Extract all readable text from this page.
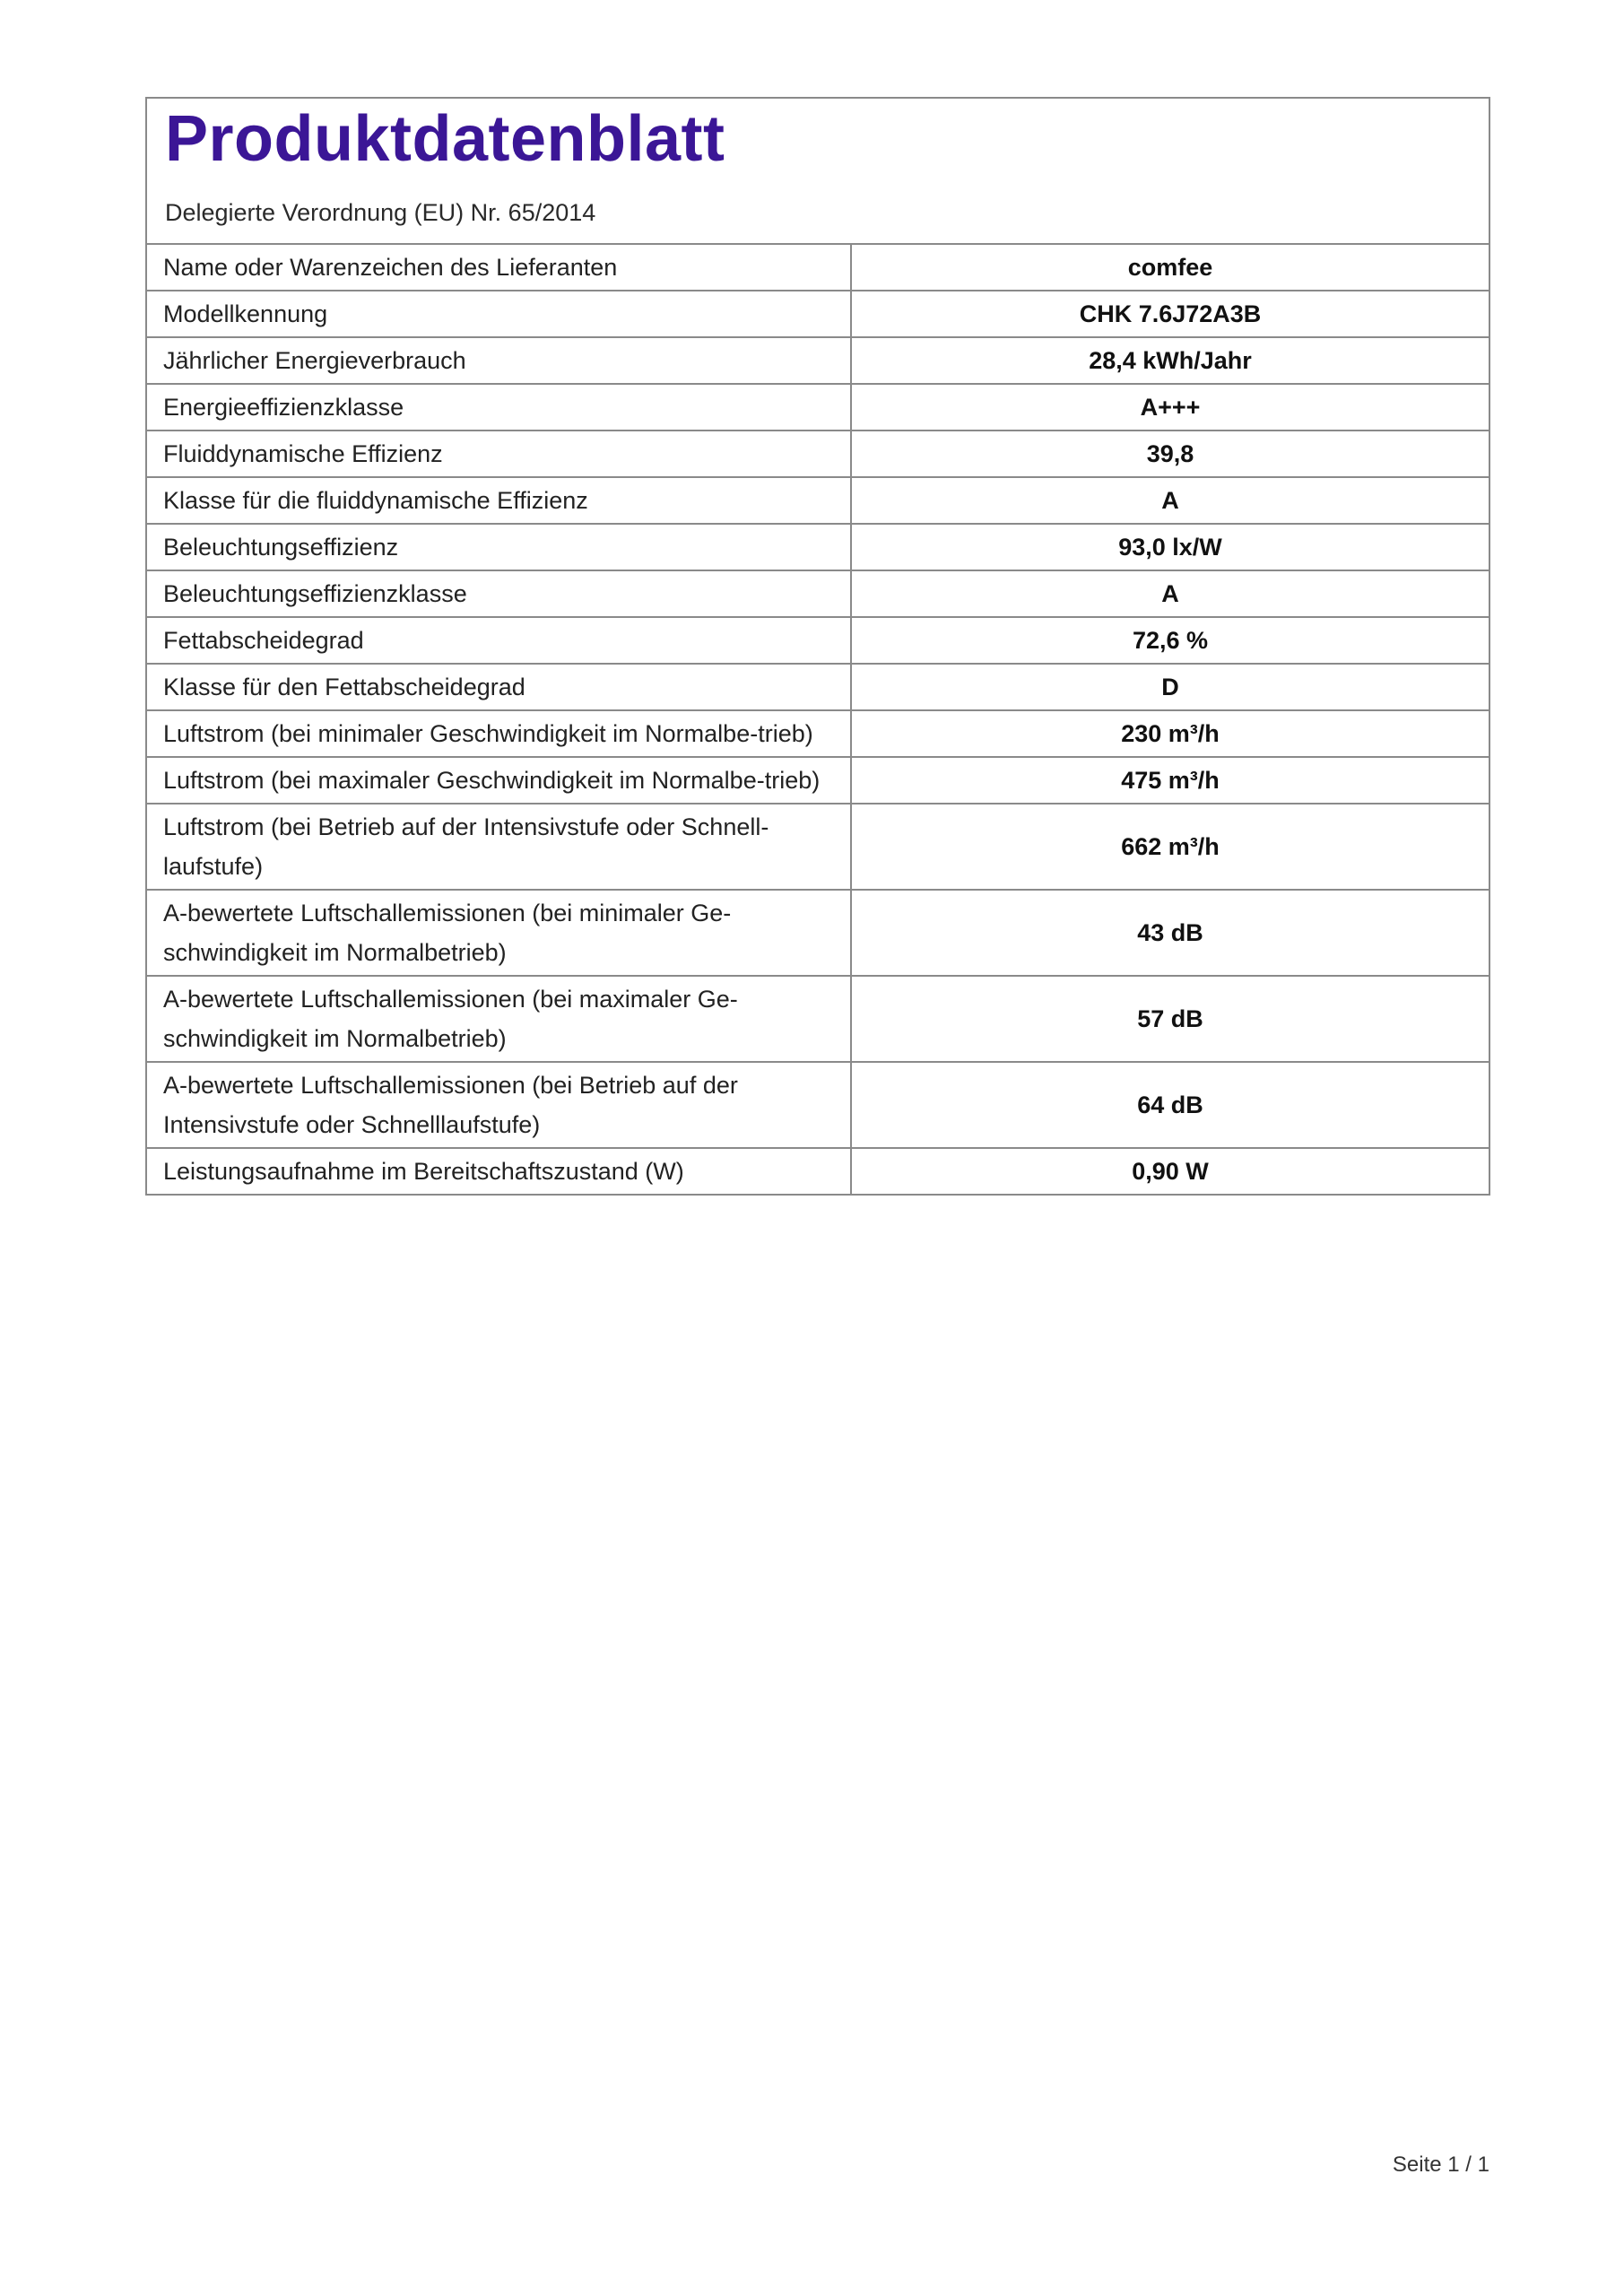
Produktdatenblatt
Delegierte Verordnung (EU) Nr. 65/2014
Name oder Warenzeichen des Lieferanten	comfee
Modellkennung	CHK 7.6J72A3B
Jährlicher Energieverbrauch	28,4 kWh/Jahr
Energieeffizienzklasse	A+++
Fluiddynamische Effizienz	39,8
Klasse für die fluiddynamische Effizienz	A
Beleuchtungseffizienz	93,0 lx/W
Beleuchtungseffizienzklasse	A
Fettabscheidegrad	72,6 %
Klasse für den Fettabscheidegrad	D
Luftstrom (bei minimaler Geschwindigkeit im Normalbe-trieb)	230 m³/h
Luftstrom (bei maximaler Geschwindigkeit im Normalbe-trieb)	475 m³/h
Luftstrom (bei Betrieb auf der Intensivstufe oder Schnell-laufstufe)	662 m³/h
A-bewertete Luftschallemissionen (bei minimaler Ge-schwindigkeit im Normalbetrieb)	43 dB
A-bewertete Luftschallemissionen (bei maximaler Ge-schwindigkeit im Normalbetrieb)	57 dB
A-bewertete Luftschallemissionen (bei Betrieb auf der Intensivstufe oder Schnelllaufstufe)	64 dB
Leistungsaufnahme im Bereitschaftszustand (W)	0,90 W
Seite 1 / 1
